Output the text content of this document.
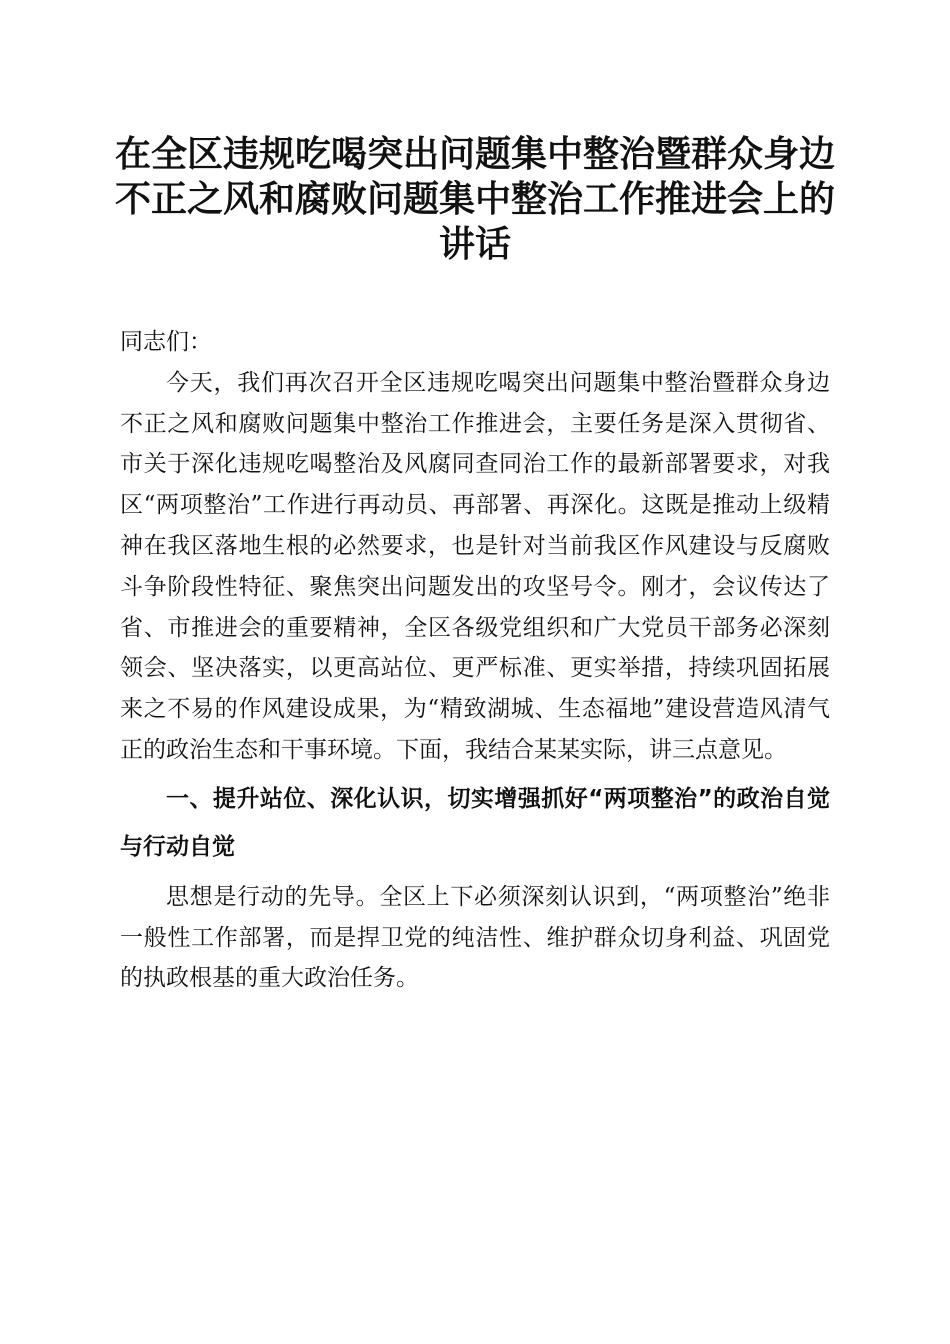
在全区违规吃喝突出问题集中整治暨群众身边
不正之风和腐败问题集中整治工作推进会上的
讲话

同志们：

今天，我们再次召开全区违规吃喝突出问题集中整治暨群众身边不正之风和腐败问题集中整治工作推进会，主要任务是深入贯彻省、市关于深化违规吃喝整治及风腐同查同治工作的最新部署要求，对我区“两项整治”工作进行再动员、再部署、再深化。这既是推动上级精神在我区落地生根的必然要求，也是针对当前我区作风建设与反腐败斗争阶段性特征、聚焦突出问题发出的攻坚号令。刚才，会议传达了省、市推进会的重要精神，全区各级党组织和广大党员干部务必深刻领会、坚决落实，以更高站位、更严标准、更实举措，持续巩固拓展来之不易的作风建设成果，为“精致湖城、生态福地”建设营造风清气正的政治生态和干事环境。下面，我结合某某实际，讲三点意见。

一、提升站位、深化认识，切实增强抓好“两项整治”的政治自觉与行动自觉

思想是行动的先导。全区上下必须深刻认识到，“两项整治”绝非一般性工作部署，而是捍卫党的纯洁性、维护群众切身利益、巩固党的执政根基的重大政治任务。
